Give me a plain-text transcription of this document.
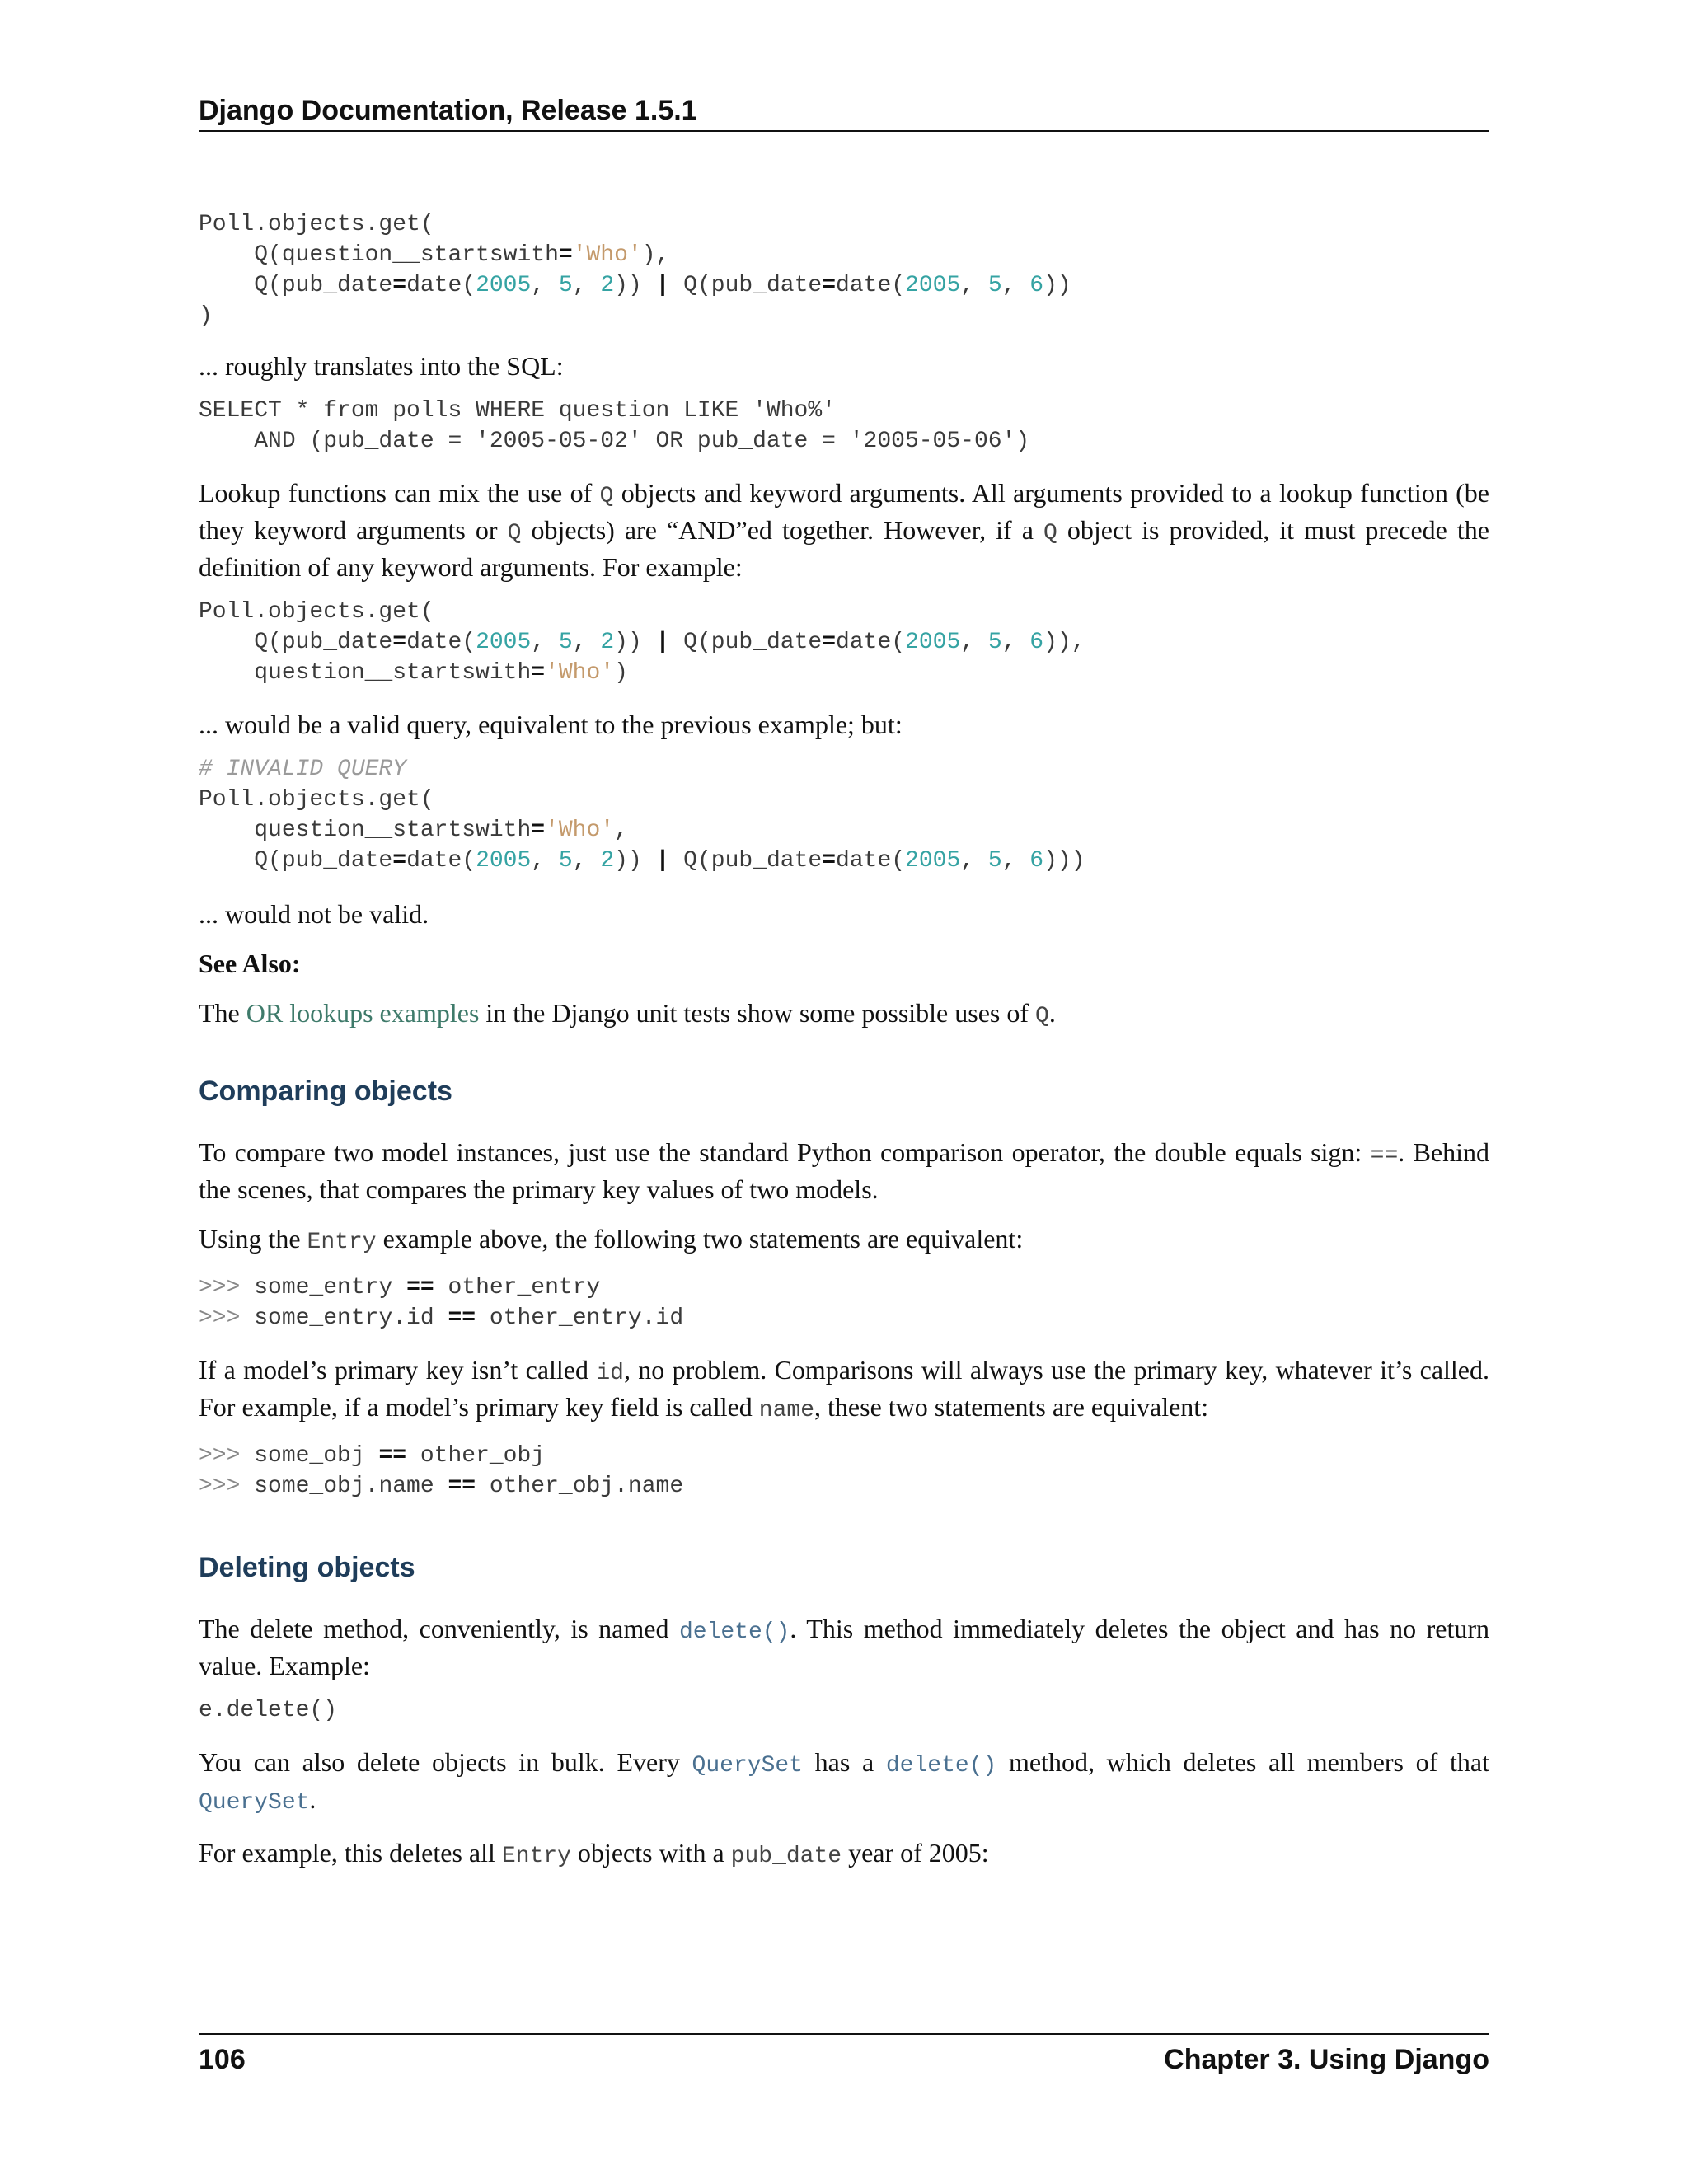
Django Documentation, Release 1.5.1
Poll.objects.get(
Q(question__startswith='Who'),
Q(pub_date=date(2005, 5, 2)) | Q(pub_date=date(2005, 5, 6))
)

... roughly translates into the SQL:

SELECT * from polls WHERE question LIKE 'Who%'
AND (pub_date = '2005-05-02' OR pub_date = '2005-05-06')

Lookup functions can mix the use of Q objects and keyword arguments. All arguments provided to a lookup function (be they keyword arguments or Q objects) are “AND”ed together. However, if a Q object is provided, it must precede the definition of any keyword arguments. For example:

Poll.objects.get(
Q(pub_date=date(2005, 5, 2)) | Q(pub_date=date(2005, 5, 6)),
question__startswith='Who')

... would be a valid query, equivalent to the previous example; but:

# INVALID QUERY
Poll.objects.get(
question__startswith='Who',
Q(pub_date=date(2005, 5, 2)) | Q(pub_date=date(2005, 5, 6)))

... would not be valid.

See Also:

The OR lookups examples in the Django unit tests show some possible uses of Q.

Comparing objects

To compare two model instances, just use the standard Python comparison operator, the double equals sign: ==. Behind the scenes, that compares the primary key values of two models.

Using the Entry example above, the following two statements are equivalent:

>>> some_entry == other_entry
>>> some_entry.id == other_entry.id

If a model’s primary key isn’t called id, no problem. Comparisons will always use the primary key, whatever it’s called. For example, if a model’s primary key field is called name, these two statements are equivalent:

>>> some_obj == other_obj
>>> some_obj.name == other_obj.name
Deleting objects

The delete method, conveniently, is named delete(). This method immediately deletes the object and has no return value. Example:

e.delete()

You can also delete objects in bulk. Every QuerySet has a delete() method, which deletes all members of that QuerySet.

For example, this deletes all Entry objects with a pub_date year of 2005:

106	Chapter 3. Using Django
